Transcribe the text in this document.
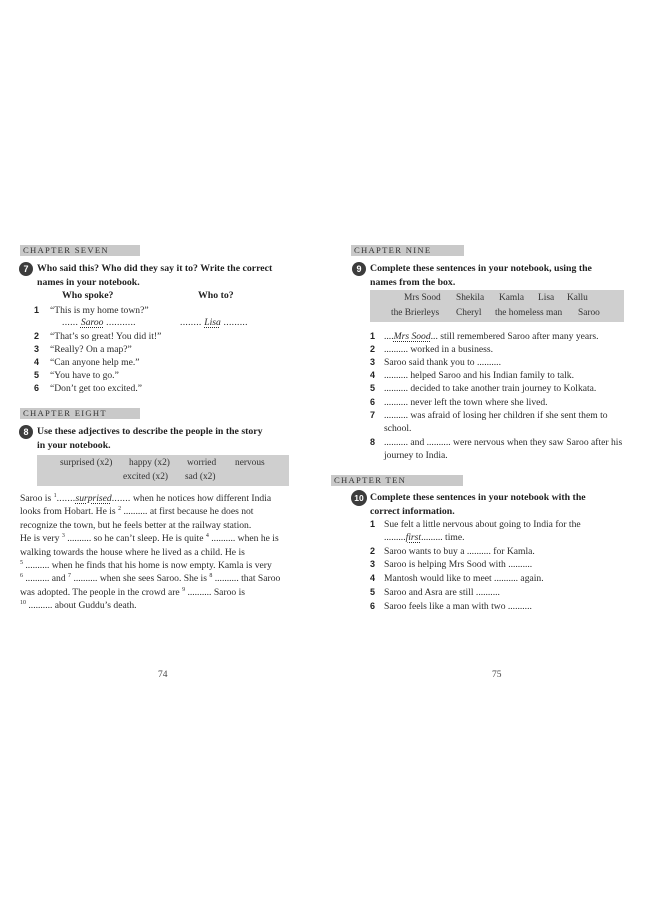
CHAPTER SEVEN
7 Who said this? Who did they say it to? Write the correct
names in your notebook.
Who spoke?	Who to?
1	“This is my home town?”
...... Saroo ...........	........ Lisa .........
2	“That’s so great! You did it!”
3	“Really? On a map?”
4	“Can anyone help me.”
5	“You have to go.”
6	“Don’t get too excited.”
CHAPTER EIGHT
8 Use these adjectives to describe the people in the story
in your notebook.
surprised (x2) happy (x2) worried nervous
excited (x2) sad (x2)
Saroo is $^1$.......surprised....... when he notices how different India
looks from Hobart. He is $^2$ .......... at first because he does not
recognize the town, but he feels better at the railway station.
He is very $^3$ .......... so he can’t sleep. He is quite $^4$ .......... when he is
walking towards the house where he lived as a child. He is
$^5$ .......... when he finds that his home is now empty. Kamla is very
$^6$ .......... and $^7$ .......... when she sees Saroo. She is $^8$ .......... that Saroo
was adopted. The people in the crowd are $^9$ .......... Saroo is
$^{10}$ .......... about Guddu’s death.
74
CHAPTER NINE
9 Complete these sentences in your notebook, using the
names from the box.
Mrs Sood Shekila Kamla Lisa Kallu
the Brierleys Cheryl the homeless man Saroo
1 ....Mrs Sood... still remembered Saroo after many years.
2 .......... worked in a business.
3 Saroo said thank you to ..........
4 .......... helped Saroo and his Indian family to talk.
5 .......... decided to take another train journey to Kolkata.
6 .......... never left the town where she lived.
7 .......... was afraid of losing her children if she sent them to
school.
8 .......... and .......... were nervous when they saw Saroo after his
journey to India.
CHAPTER TEN
10 Complete these sentences in your notebook with the
correct information.
1 Sue felt a little nervous about going to India for the
.........first......... time.
2 Saroo wants to buy a .......... for Kamla.
3 Saroo is helping Mrs Sood with ..........
4 Mantosh would like to meet .......... again.
5 Saroo and Asra are still ..........
6 Saroo feels like a man with two ..........
75
